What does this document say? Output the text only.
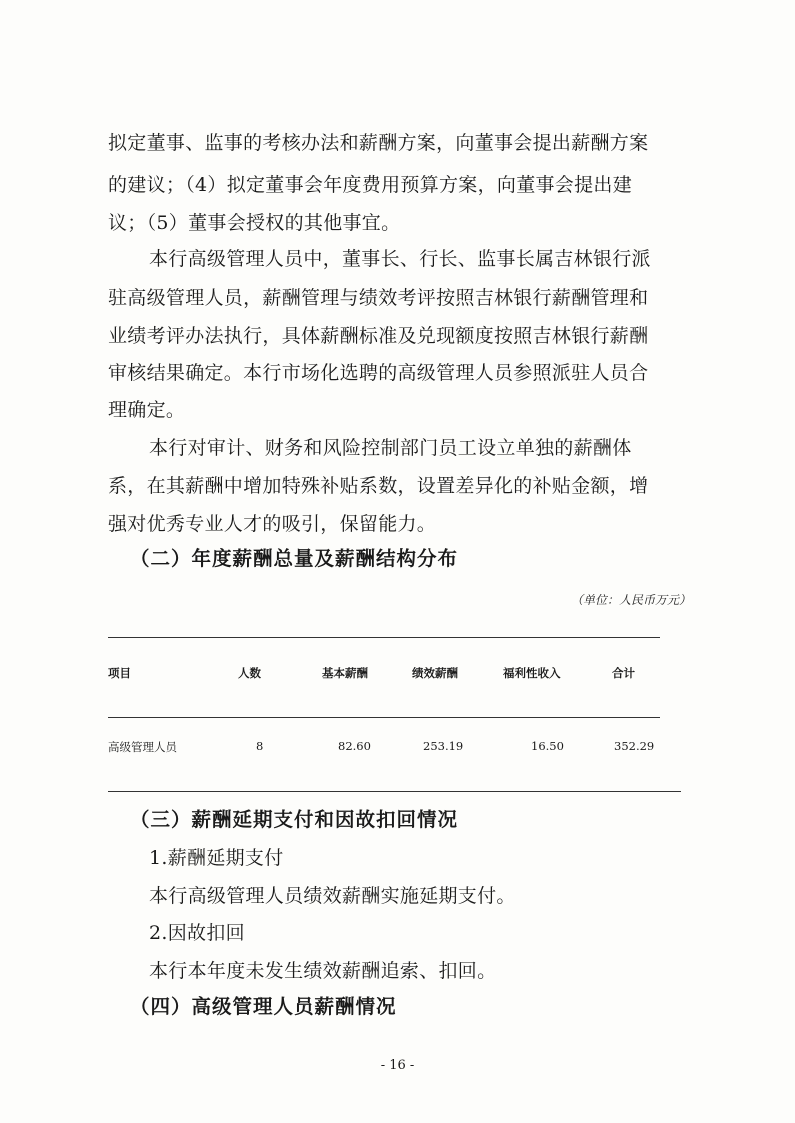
拟定董事、监事的考核办法和薪酬方案，向董事会提出薪酬方案
的建议；（4）拟定董事会年度费用预算方案，向董事会提出建
议；（5）董事会授权的其他事宜。
本行高级管理人员中，董事长、行长、监事长属吉林银行派
驻高级管理人员，薪酬管理与绩效考评按照吉林银行薪酬管理和
业绩考评办法执行，具体薪酬标准及兑现额度按照吉林银行薪酬
审核结果确定。本行市场化选聘的高级管理人员参照派驻人员合
理确定。
本行对审计、财务和风险控制部门员工设立单独的薪酬体
系，在其薪酬中增加特殊补贴系数，设置差异化的补贴金额，增
强对优秀专业人才的吸引，保留能力。
（二）年度薪酬总量及薪酬结构分布
（单位：人民币万元）
项目	人数	基本薪酬	绩效薪酬	福利性收入	合计
高级管理人员	8	82.60	253.19	16.50	352.29
（三）薪酬延期支付和因故扣回情况
1.薪酬延期支付
本行高级管理人员绩效薪酬实施延期支付。
2.因故扣回
本行本年度未发生绩效薪酬追索、扣回。
（四）高级管理人员薪酬情况
- 16 -
